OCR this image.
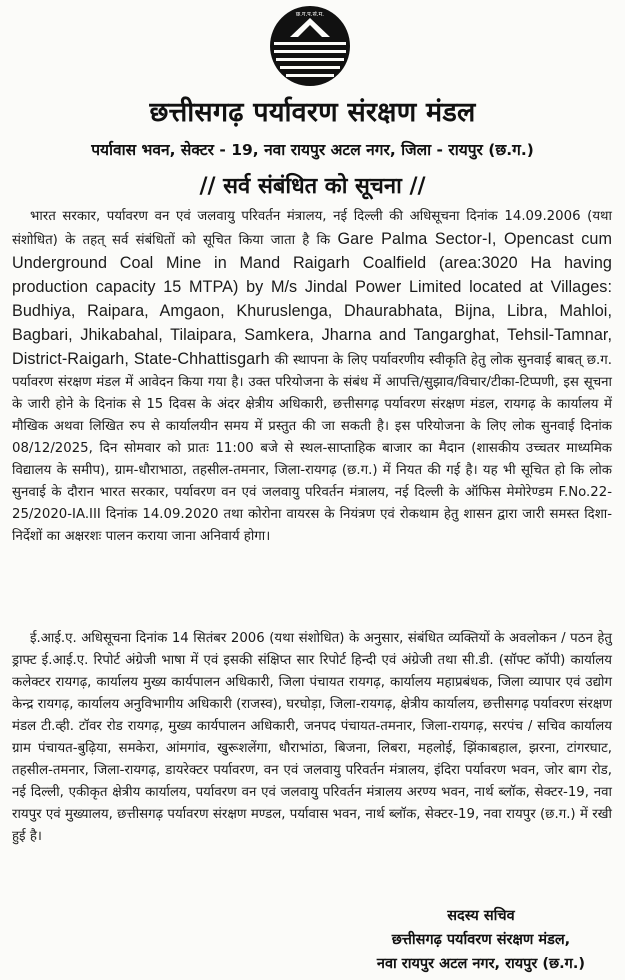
छ.ग.प.सं.म.
छत्तीसगढ़ पर्यावरण संरक्षण मंडल
पर्यावास भवन, सेक्टर - 19, नवा रायपुर अटल नगर, जिला - रायपुर (छ.ग.)
// सर्व संबंधित को सूचना //
भारत सरकार, पर्यावरण वन एवं जलवायु परिवर्तन मंत्रालय, नई दिल्ली की अधिसूचना दिनांक 14.09.2006 (यथा संशोधित) के तहत् सर्व संबंधितों को सूचित किया जाता है कि Gare Palma Sector-I, Opencast cum Underground Coal Mine in Mand Raigarh Coalfield (area:3020 Ha having production capacity 15 MTPA) by M/s Jindal Power Limited located at Villages: Budhiya, Raipara, Amgaon, Khuruslenga, Dhaurabhata, Bijna, Libra, Mahloi, Bagbari, Jhikabahal, Tilaipara, Samkera, Jharna and Tangarghat, Tehsil-Tamnar, District-Raigarh, State-Chhattisgarh की स्थापना के लिए पर्यावरणीय स्वीकृति हेतु लोक सुनवाई बाबत् छ.ग. पर्यावरण संरक्षण मंडल में आवेदन किया गया है। उक्त परियोजना के संबंध में आपत्ति/सुझाव/विचार/टीका-टिप्पणी, इस सूचना के जारी होने के दिनांक से 15 दिवस के अंदर क्षेत्रीय अधिकारी, छत्तीसगढ़ पर्यावरण संरक्षण मंडल, रायगढ़ के कार्यालय में मौखिक अथवा लिखित रुप से कार्यालयीन समय में प्रस्तुत की जा सकती है। इस परियोजना के लिए लोक सुनवाई दिनांक 08/12/2025, दिन सोमवार को प्रातः 11:00 बजे से स्थल-साप्ताहिक बाजार का मैदान (शासकीय उच्चतर माध्यमिक विद्यालय के समीप), ग्राम-धौराभाठा, तहसील-तमनार, जिला-रायगढ़ (छ.ग.) में नियत की गई है। यह भी सूचित हो कि लोक सुनवाई के दौरान भारत सरकार, पर्यावरण वन एवं जलवायु परिवर्तन मंत्रालय, नई दिल्ली के ऑफिस मेमोरेण्डम F.No.22-25/2020-IA.III दिनांक 14.09.2020 तथा कोरोना वायरस के नियंत्रण एवं रोकथाम हेतु शासन द्वारा जारी समस्त दिशा-निर्देशों का अक्षरशः पालन कराया जाना अनिवार्य होगा।
ई.आई.ए. अधिसूचना दिनांक 14 सितंबर 2006 (यथा संशोधित) के अनुसार, संबंधित व्यक्तियों के अवलोकन / पठन हेतु ड्राफ्ट ई.आई.ए. रिपोर्ट अंग्रेजी भाषा में एवं इसकी संक्षिप्त सार रिपोर्ट हिन्दी एवं अंग्रेजी तथा सी.डी. (सॉफ्ट कॉपी) कार्यालय कलेक्टर रायगढ़, कार्यालय मुख्य कार्यपालन अधिकारी, जिला पंचायत रायगढ़, कार्यालय महाप्रबंधक, जिला व्यापार एवं उद्योग केन्द्र रायगढ़, कार्यालय अनुविभागीय अधिकारी (राजस्व), घरघोड़ा, जिला-रायगढ़, क्षेत्रीय कार्यालय, छत्तीसगढ़ पर्यावरण संरक्षण मंडल टी.व्ही. टॉवर रोड रायगढ़, मुख्य कार्यपालन अधिकारी, जनपद पंचायत-तमनार, जिला-रायगढ़, सरपंच / सचिव कार्यालय ग्राम पंचायत-बुढ़िया, समकेरा, आंमगांव, खुरूशलेंगा, धौराभांठा, बिजना, लिबरा, महलोई, झिंकाबहाल, झरना, टांगरघाट, तहसील-तमनार, जिला-रायगढ़, डायरेक्टर पर्यावरण, वन एवं जलवायु परिवर्तन मंत्रालय, इंदिरा पर्यावरण भवन, जोर बाग रोड, नई दिल्ली, एकीकृत क्षेत्रीय कार्यालय, पर्यावरण वन एवं जलवायु परिवर्तन मंत्रालय अरण्य भवन, नार्थ ब्लॉक, सेक्टर-19, नवा रायपुर एवं मुख्यालय, छत्तीसगढ़ पर्यावरण संरक्षण मण्डल, पर्यावास भवन, नार्थ ब्लॉक, सेक्टर-19, नवा रायपुर (छ.ग.) में रखी हुई है।
सदस्य सचिव
छत्तीसगढ़ पर्यावरण संरक्षण मंडल,
नवा रायपुर अटल नगर, रायपुर (छ.ग.)
